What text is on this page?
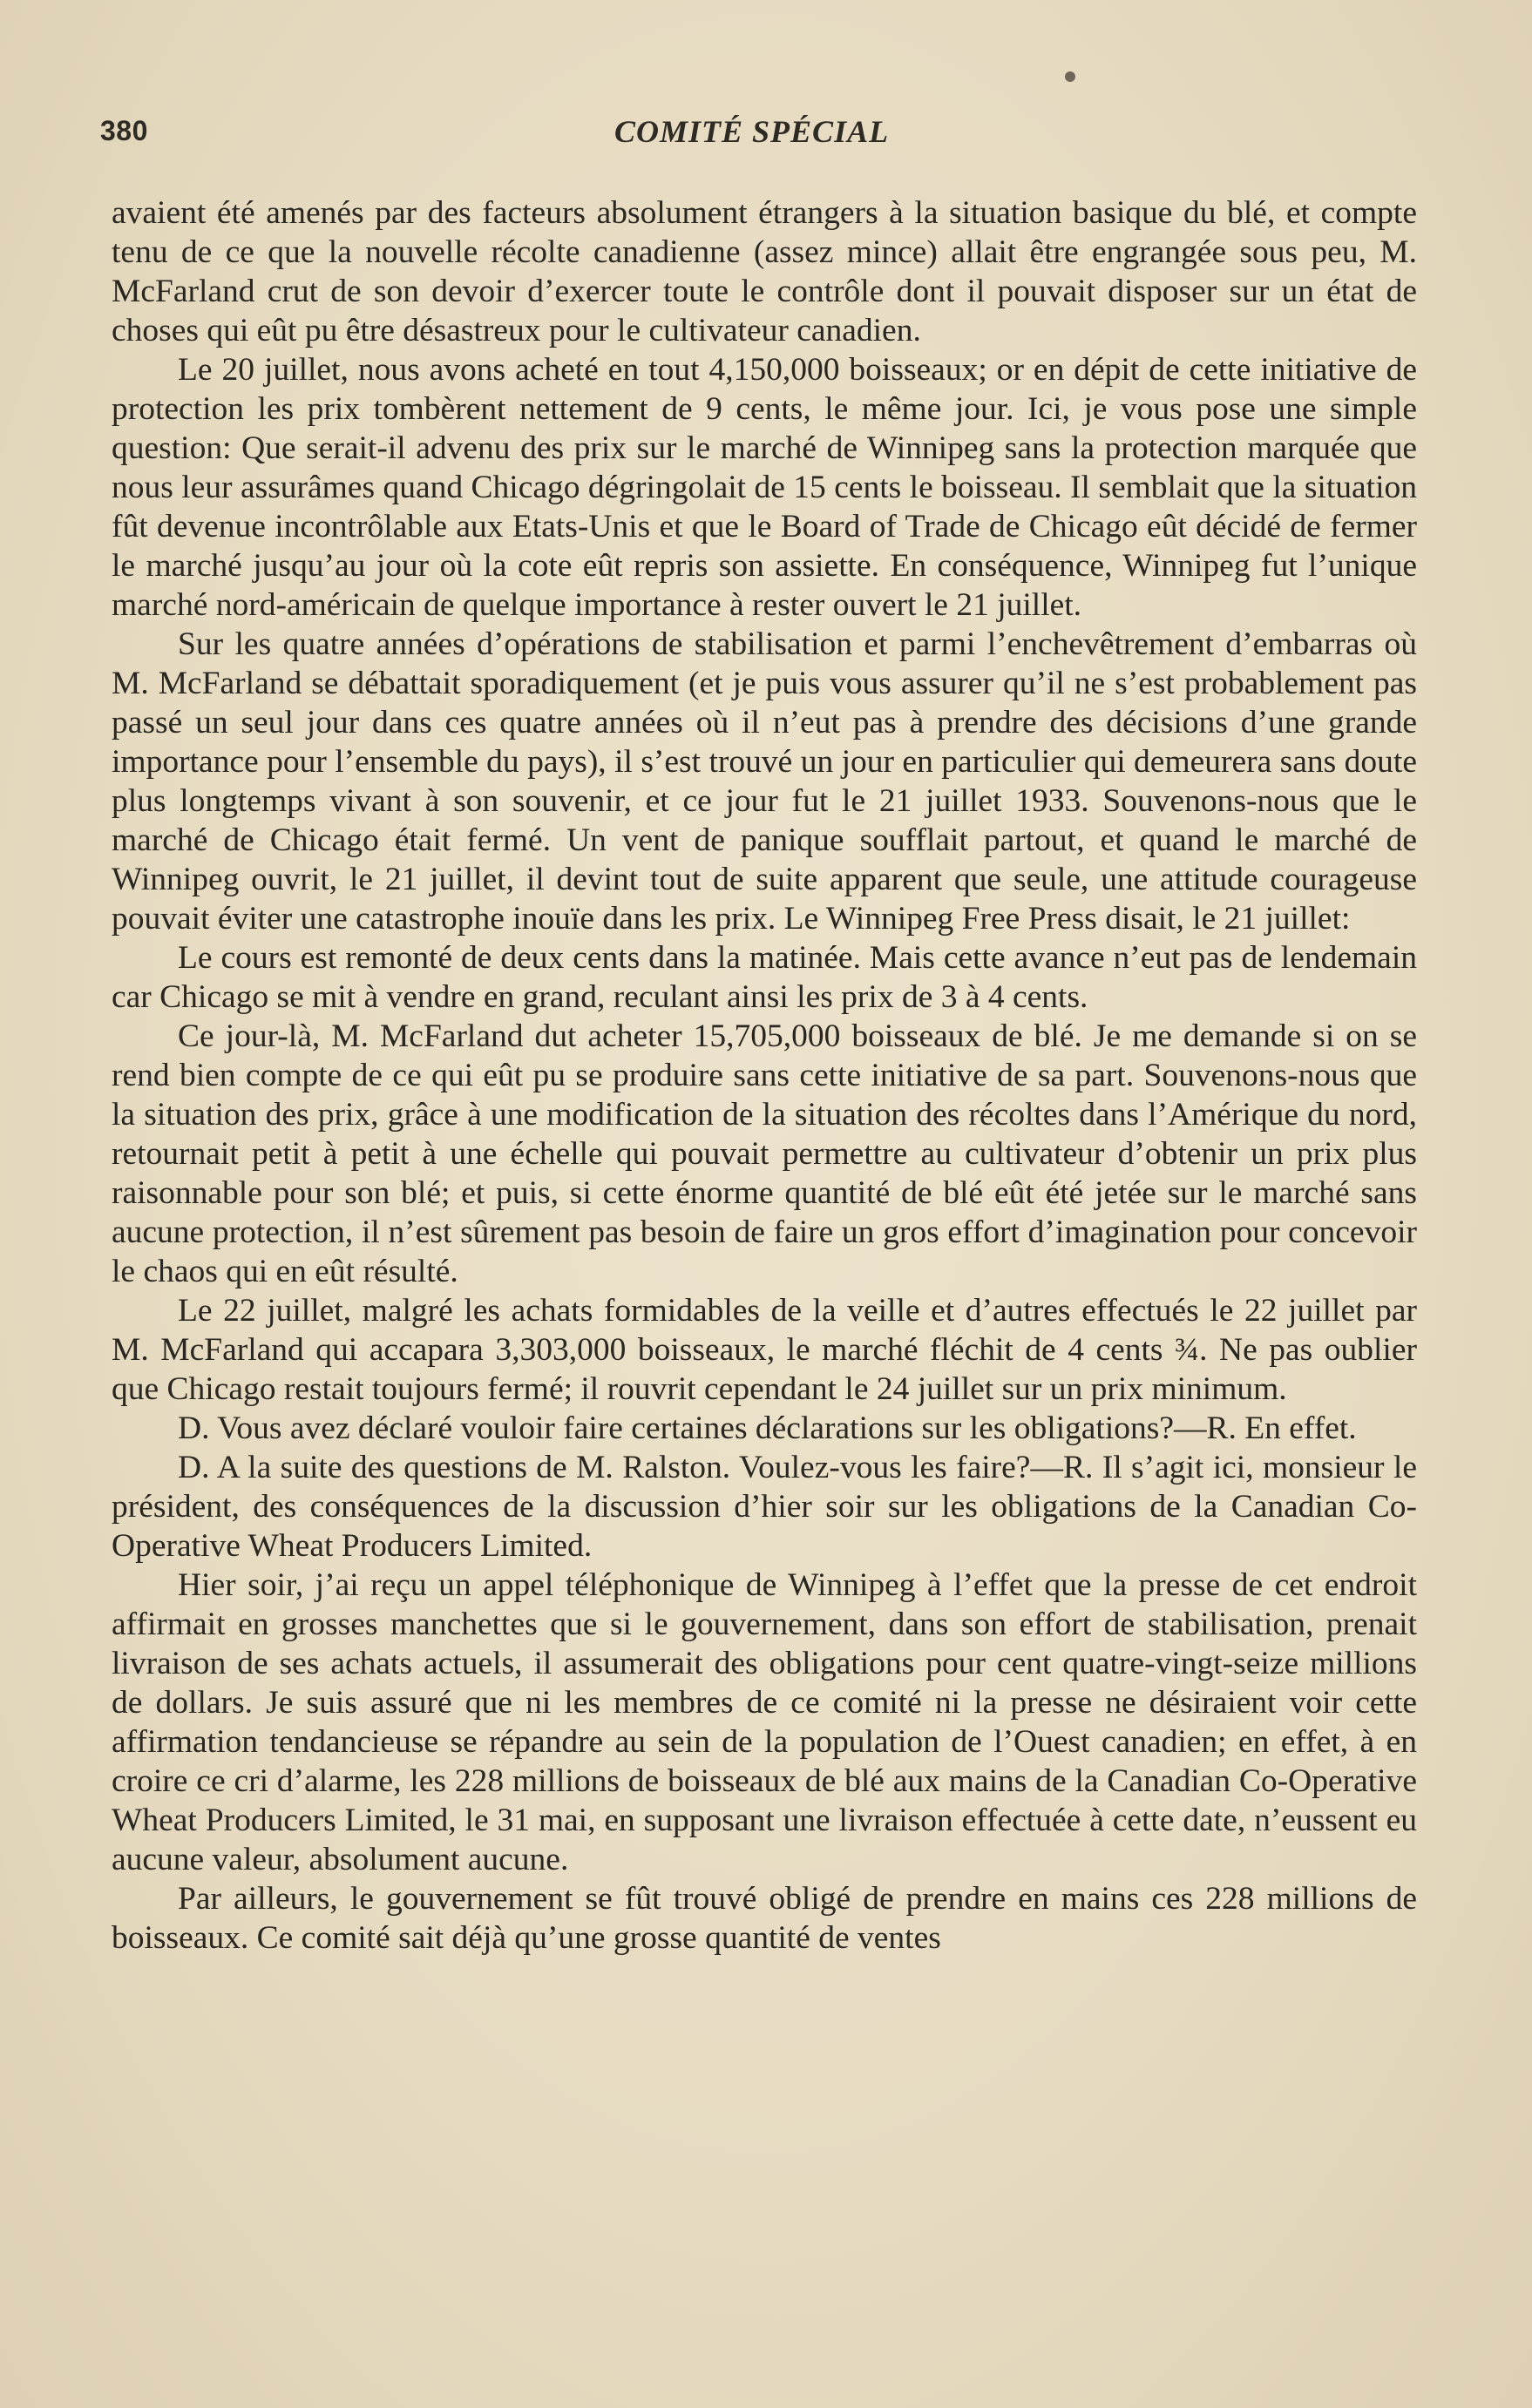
380	COMITÉ SPÉCIAL

avaient été amenés par des facteurs absolument étrangers à la situation basique du blé, et compte tenu de ce que la nouvelle récolte canadienne (assez mince) allait être engrangée sous peu, M. McFarland crut de son devoir d’exercer toute le contrôle dont il pouvait disposer sur un état de choses qui eût pu être désastreux pour le cultivateur canadien.

Le 20 juillet, nous avons acheté en tout 4,150,000 boisseaux; or en dépit de cette initiative de protection les prix tombèrent nettement de 9 cents, le même jour. Ici, je vous pose une simple question: Que serait-il advenu des prix sur le marché de Winnipeg sans la protection marquée que nous leur assurâmes quand Chicago dégringolait de 15 cents le boisseau. Il semblait que la situation fût devenue incontrôlable aux Etats-Unis et que le Board of Trade de Chicago eût décidé de fermer le marché jusqu’au jour où la cote eût repris son assiette. En conséquence, Winnipeg fut l’unique marché nord-américain de quelque importance à rester ouvert le 21 juillet.

Sur les quatre années d’opérations de stabilisation et parmi l’enchevêtrement d’embarras où M. McFarland se débattait sporadiquement (et je puis vous assurer qu’il ne s’est probablement pas passé un seul jour dans ces quatre années où il n’eut pas à prendre des décisions d’une grande importance pour l’ensemble du pays), il s’est trouvé un jour en particulier qui demeurera sans doute plus longtemps vivant à son souvenir, et ce jour fut le 21 juillet 1933. Souvenons-nous que le marché de Chicago était fermé. Un vent de panique soufflait partout, et quand le marché de Winnipeg ouvrit, le 21 juillet, il devint tout de suite apparent que seule, une attitude courageuse pouvait éviter une catastrophe inouïe dans les prix. Le Winnipeg Free Press disait, le 21 juillet:

Le cours est remonté de deux cents dans la matinée. Mais cette avance n’eut pas de lendemain car Chicago se mit à vendre en grand, reculant ainsi les prix de 3 à 4 cents.

Ce jour-là, M. McFarland dut acheter 15,705,000 boisseaux de blé. Je me demande si on se rend bien compte de ce qui eût pu se produire sans cette initiative de sa part. Souvenons-nous que la situation des prix, grâce à une modification de la situation des récoltes dans l’Amérique du nord, retournait petit à petit à une échelle qui pouvait permettre au cultivateur d’obtenir un prix plus raisonnable pour son blé; et puis, si cette énorme quantité de blé eût été jetée sur le marché sans aucune protection, il n’est sûrement pas besoin de faire un gros effort d’imagination pour concevoir le chaos qui en eût résulté.

Le 22 juillet, malgré les achats formidables de la veille et d’autres effectués le 22 juillet par M. McFarland qui accapara 3,303,000 boisseaux, le marché fléchit de 4 cents ¾. Ne pas oublier que Chicago restait toujours fermé; il rouvrit cependant le 24 juillet sur un prix minimum.

D. Vous avez déclaré vouloir faire certaines déclarations sur les obligations?—R. En effet.

D. A la suite des questions de M. Ralston. Voulez-vous les faire?—R. Il s’agit ici, monsieur le président, des conséquences de la discussion d’hier soir sur les obligations de la Canadian Co-Operative Wheat Producers Limited.

Hier soir, j’ai reçu un appel téléphonique de Winnipeg à l’effet que la presse de cet endroit affirmait en grosses manchettes que si le gouvernement, dans son effort de stabilisation, prenait livraison de ses achats actuels, il assumerait des obligations pour cent quatre-vingt-seize millions de dollars. Je suis assuré que ni les membres de ce comité ni la presse ne désiraient voir cette affirmation tendancieuse se répandre au sein de la population de l’Ouest canadien; en effet, à en croire ce cri d’alarme, les 228 millions de boisseaux de blé aux mains de la Canadian Co-Operative Wheat Producers Limited, le 31 mai, en supposant une livraison effectuée à cette date, n’eussent eu aucune valeur, absolument aucune.

Par ailleurs, le gouvernement se fût trouvé obligé de prendre en mains ces 228 millions de boisseaux. Ce comité sait déjà qu’une grosse quantité de ventes
